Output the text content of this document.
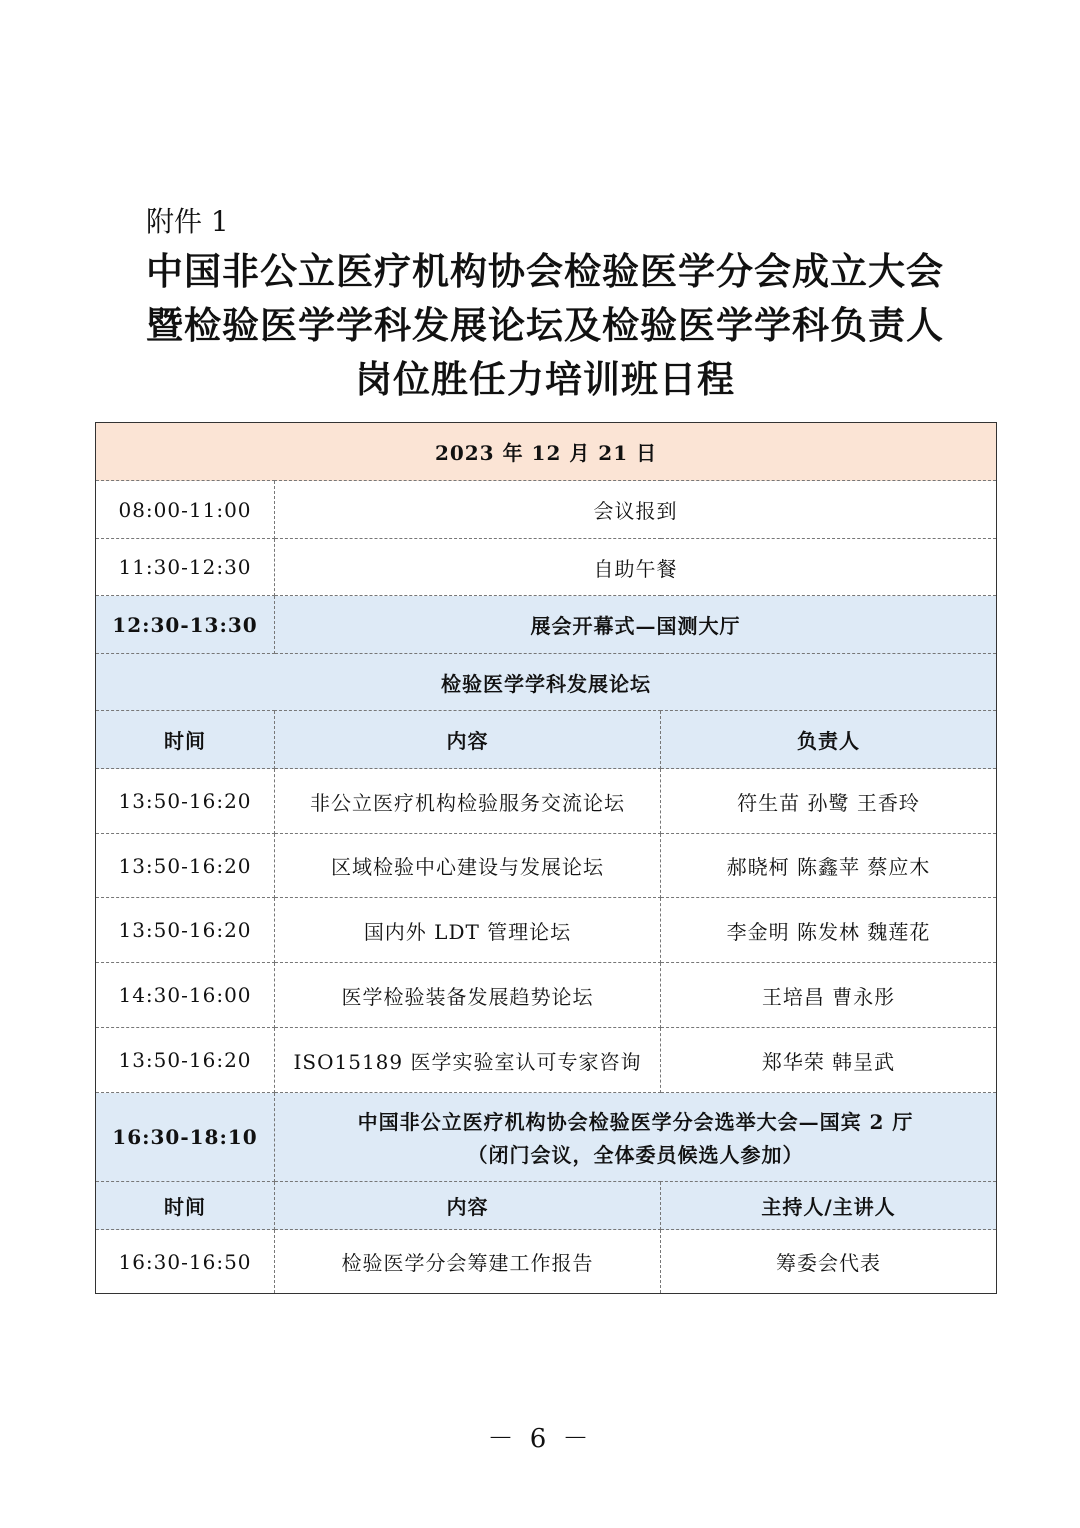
附件 1
中国非公立医疗机构协会检验医学分会成立大会
暨检验医学学科发展论坛及检验医学学科负责人
岗位胜任力培训班日程
2023 年 12 月 21 日		
08:00-11:00	会议报到	
11:30-12:30	自助午餐	
12:30-13:30	展会开幕式—国测大厅	
检验医学学科发展论坛		
时间	内容	负责人
13:50-16:20	非公立医疗机构检验服务交流论坛	符生苗 孙鹭 王香玲
13:50-16:20	区域检验中心建设与发展论坛	郝晓柯 陈鑫苹 蔡应木
13:50-16:20	国内外 LDT 管理论坛	李金明 陈发林 魏莲花
14:30-16:00	医学检验装备发展趋势论坛	王培昌 曹永彤
13:50-16:20	ISO15189 医学实验室认可专家咨询	郑华荣 韩呈武
16:30-18:10	中国非公立医疗机构协会检验医学分会选举大会—国宾 2 厅
（闭门会议，全体委员候选人参加）	

时间	内容	主持人/主讲人
16:30-16:50	检验医学分会筹建工作报告	筹委会代表
－ 6 －
